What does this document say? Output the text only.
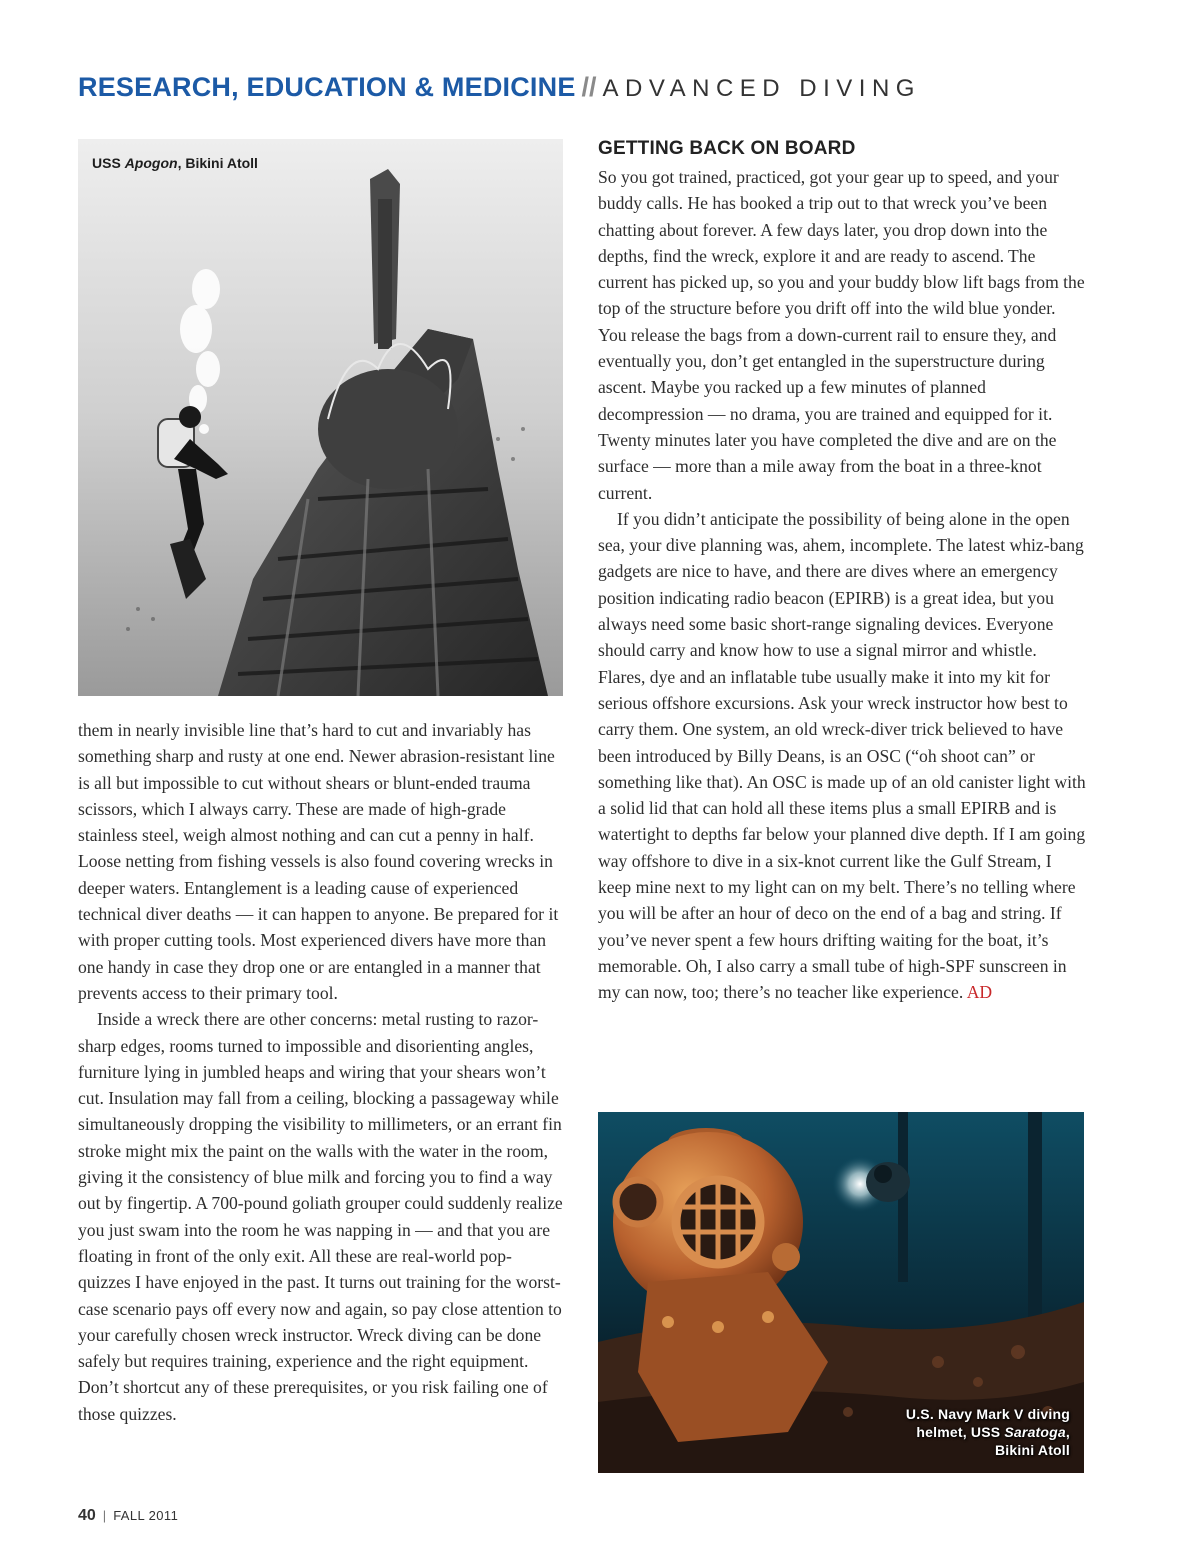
RESEARCH, EDUCATION & MEDICINE // ADVANCED DIVING
USS Apogon, Bikini Atoll

them in nearly invisible line that’s hard to cut and invariably has something sharp and rusty at one end. Newer abrasion-resistant line is all but impossible to cut without shears or blunt-ended trauma scissors, which I always carry. These are made of high-grade stainless steel, weigh almost nothing and can cut a penny in half. Loose netting from fishing vessels is also found covering wrecks in deeper waters. Entanglement is a leading cause of experienced technical diver deaths — it can happen to anyone. Be prepared for it with proper cutting tools. Most experienced divers have more than one handy in case they drop one or are entangled in a manner that prevents access to their primary tool.

Inside a wreck there are other concerns: metal rusting to razor-sharp edges, rooms turned to impossible and disorienting angles, furniture lying in jumbled heaps and wiring that your shears won’t cut. Insulation may fall from a ceiling, blocking a passageway while simultaneously dropping the visibility to millimeters, or an errant fin stroke might mix the paint on the walls with the water in the room, giving it the consistency of blue milk and forcing you to find a way out by fingertip. A 700-pound goliath grouper could suddenly realize you just swam into the room he was napping in — and that you are floating in front of the only exit. All these are real-world pop-quizzes I have enjoyed in the past. It turns out training for the worst-case scenario pays off every now and again, so pay close attention to your carefully chosen wreck instructor. Wreck diving can be done safely but requires training, experience and the right equipment. Don’t shortcut any of these prerequisites, or you risk failing one of those quizzes.

GETTING BACK ON BOARD

So you got trained, practiced, got your gear up to speed, and your buddy calls. He has booked a trip out to that wreck you’ve been chatting about forever. A few days later, you drop down into the depths, find the wreck, explore it and are ready to ascend. The current has picked up, so you and your buddy blow lift bags from the top of the structure before you drift off into the wild blue yonder. You release the bags from a down-current rail to ensure they, and eventually you, don’t get entangled in the superstructure during ascent. Maybe you racked up a few minutes of planned decompression — no drama, you are trained and equipped for it. Twenty minutes later you have completed the dive and are on the surface — more than a mile away from the boat in a three-knot current.

If you didn’t anticipate the possibility of being alone in the open sea, your dive planning was, ahem, incomplete. The latest whiz-bang gadgets are nice to have, and there are dives where an emergency position indicating radio beacon (EPIRB) is a great idea, but you always need some basic short-range signaling devices. Everyone should carry and know how to use a signal mirror and whistle. Flares, dye and an inflatable tube usually make it into my kit for serious offshore excursions. Ask your wreck instructor how best to carry them. One system, an old wreck-diver trick believed to have been introduced by Billy Deans, is an OSC (“oh shoot can” or something like that). An OSC is made up of an old canister light with a solid lid that can hold all these items plus a small EPIRB and is watertight to depths far below your planned dive depth. If I am going way offshore to dive in a six-knot current like the Gulf Stream, I keep mine next to my light can on my belt. There’s no telling where you will be after an hour of deco on the end of a bag and string. If you’ve never spent a few hours drifting waiting for the boat, it’s memorable. Oh, I also carry a small tube of high-SPF sunscreen in my can now, too; there’s no teacher like experience. AD

U.S. Navy Mark V diving
helmet, USS Saratoga,
Bikini Atoll
40 | FALL 2011
